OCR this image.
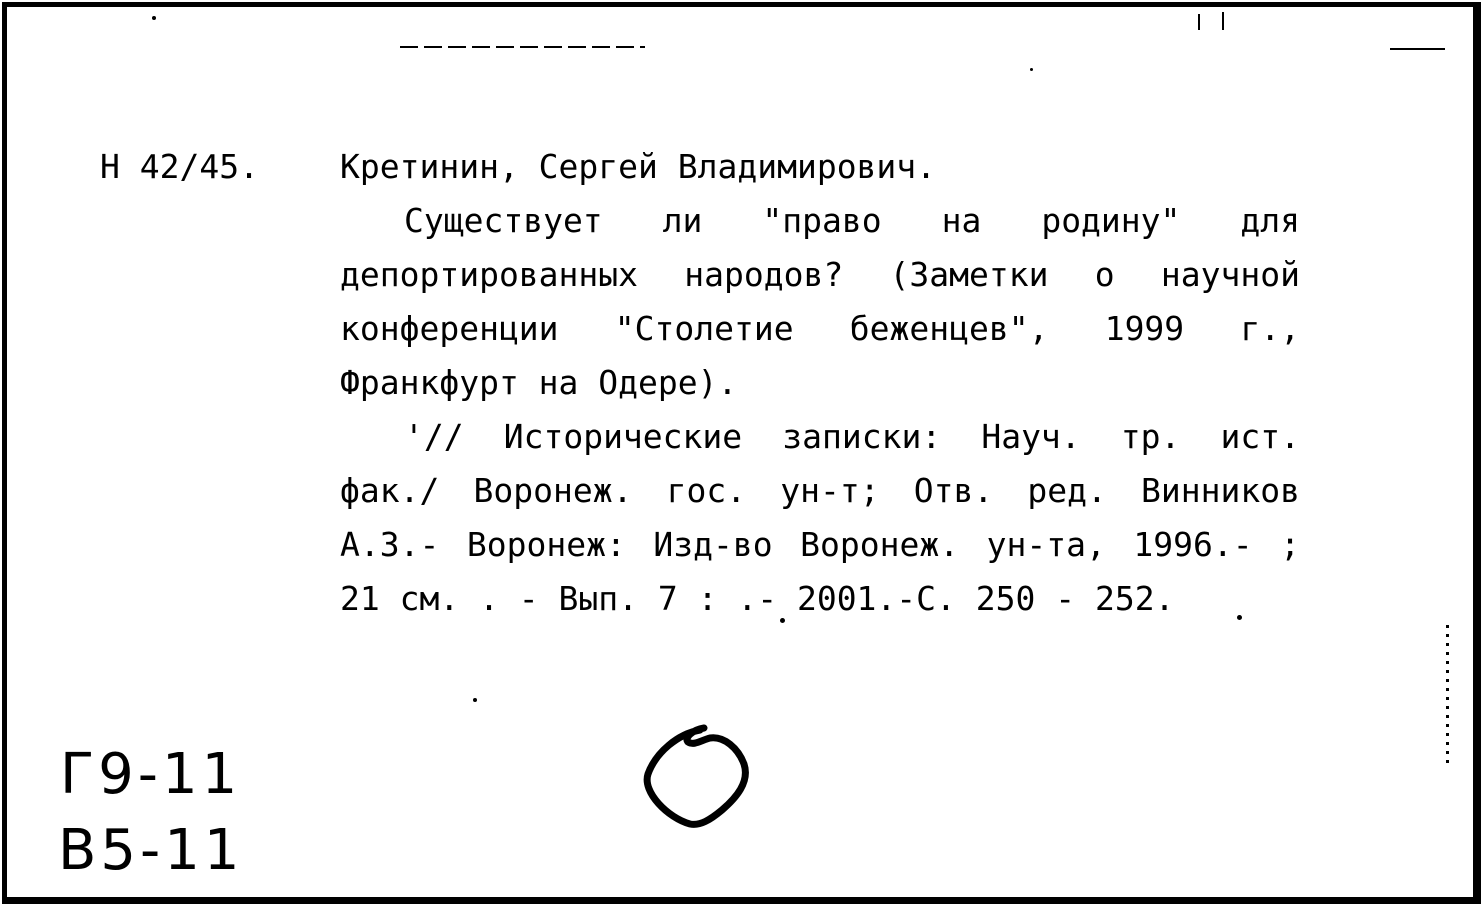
Н 42/45. Кретинин, Сергей Владимирович.

Существует ли "право на родину" для депортированных народов? (Заметки о научной конференции "Столетие беженцев", 1999 г., Франкфурт на Одере).

'// Исторические записки: Науч. тр. ист. фак./ Воронеж. гос. ун-т; Отв. ред. Винников А.З.- Воронеж: Изд-во Воронеж. ун-та, 1996.- ; 21 см. . - Вып. 7 : .- 2001.-С. 250 - 252.

Г9-11
В5-11
